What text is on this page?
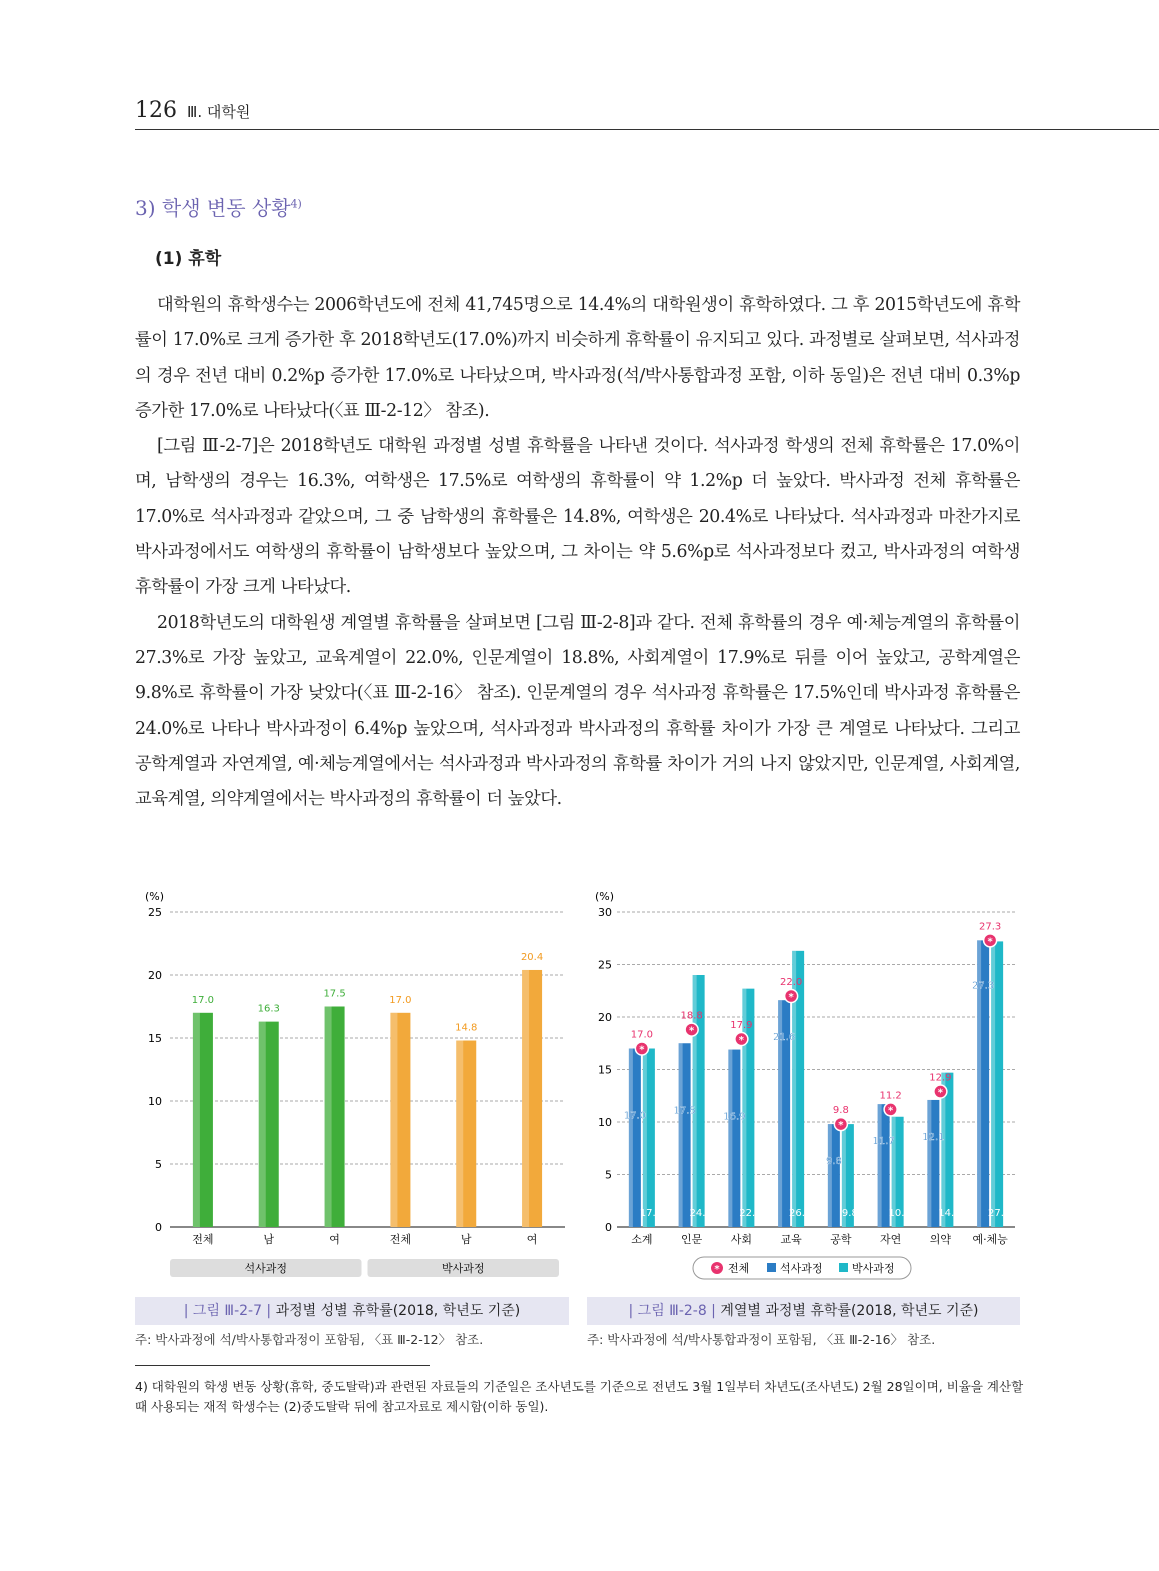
126 Ⅲ. 대학원
3) 학생 변동 상황$^{4)}$
(1) 휴학

대학원의 휴학생수는 2006학년도에 전체 41,745명으로 14.4%의 대학원생이 휴학하였다. 그 후 2015학년도에 휴학률이 17.0%로 크게 증가한 후 2018학년도(17.0%)까지 비슷하게 휴학률이 유지되고 있다. 과정별로 살펴보면, 석사과정의 경우 전년 대비 0.2%p 증가한 17.0%로 나타났으며, 박사과정(석/박사통합과정 포함, 이하 동일)은 전년 대비 0.3%p 증가한 17.0%로 나타났다(〈표 Ⅲ-2-12〉 참조).

[그림 Ⅲ-2-7]은 2018학년도 대학원 과정별 성별 휴학률을 나타낸 것이다. 석사과정 학생의 전체 휴학률은 17.0%이며, 남학생의 경우는 16.3%, 여학생은 17.5%로 여학생의 휴학률이 약 1.2%p 더 높았다. 박사과정 전체 휴학률은 17.0%로 석사과정과 같았으며, 그 중 남학생의 휴학률은 14.8%, 여학생은 20.4%로 나타났다. 석사과정과 마찬가지로 박사과정에서도 여학생의 휴학률이 남학생보다 높았으며, 그 차이는 약 5.6%p로 석사과정보다 컸고, 박사과정의 여학생 휴학률이 가장 크게 나타났다.

2018학년도의 대학원생 계열별 휴학률을 살펴보면 [그림 Ⅲ-2-8]과 같다. 전체 휴학률의 경우 예·체능계열의 휴학률이 27.3%로 가장 높았고, 교육계열이 22.0%, 인문계열이 18.8%, 사회계열이 17.9%로 뒤를 이어 높았고, 공학계열은 9.8%로 휴학률이 가장 낮았다(〈표 Ⅲ-2-16〉 참조). 인문계열의 경우 석사과정 휴학률은 17.5%인데 박사과정 휴학률은 24.0%로 나타나 박사과정이 6.4%p 높았으며, 석사과정과 박사과정의 휴학률 차이가 가장 큰 계열로 나타났다. 그리고 공학계열과 자연계열, 예·체능계열에서는 석사과정과 박사과정의 휴학률 차이가 거의 나지 않았지만, 인문계열, 사회계열, 교육계열, 의약계열에서는 박사과정의 휴학률이 더 높았다.

(%)
0
5
10
15
20
25
17.0
전체
16.3
남
17.5
여
17.0
전체
14.8
남
20.4
여
석사과정	박사과정
(%)
0
5
10
15
20
25
30
17.0
17.0
*
17.0
소계
17.5
24.0
*
18.8
인문
16.9
22.7
*
17.9
사회
21.6
26.3
*
22.0
교육
9.8
9.8
*
9.8
공학
11.7
10.5
*
11.2
자연
12.1
14.7
*
12.9
의약
27.3
27.2
*
27.3
예·체능
* 전체	석사과정	박사과정
| 그림 Ⅲ-2-7 | 과정별 성별 휴학률(2018, 학년도 기준)	| 그림 Ⅲ-2-8 | 계열별 과정별 휴학률(2018, 학년도 기준)
주: 박사과정에 석/박사통합과정이 포함됨, 〈표 Ⅲ-2-12〉 참조.	주: 박사과정에 석/박사통합과정이 포함됨, 〈표 Ⅲ-2-16〉 참조.
4) 대학원의 학생 변동 상황(휴학, 중도탈락)과 관련된 자료들의 기준일은 조사년도를 기준으로 전년도 3월 1일부터 차년도(조사년도) 2월 28일이며, 비율을 계산할 때 사용되는 재적 학생수는 (2)중도탈락 뒤에 참고자료로 제시함(이하 동일).
